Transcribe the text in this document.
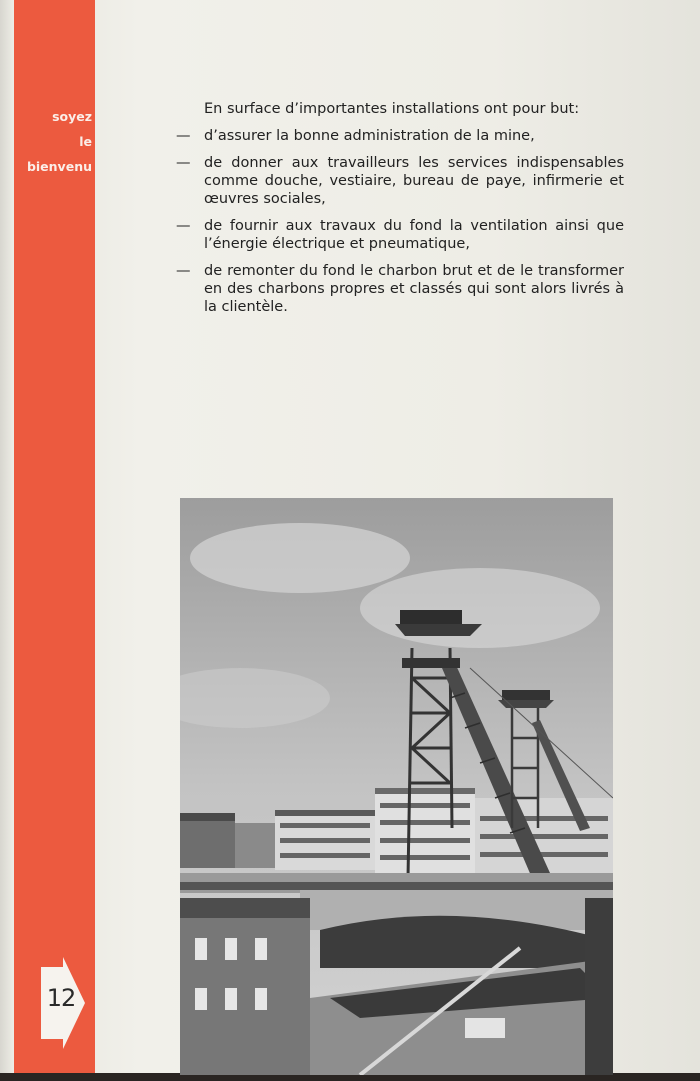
soyez
le
bienvenu
12

En surface d’importantes installations ont pour but:

— d’assurer la bonne administration de la mine,

— de donner aux travailleurs les services indispensables comme douche, vestiaire, bureau de paye, infirmerie et œuvres sociales,

— de fournir aux travaux du fond la ventilation ainsi que l’énergie électrique et pneumatique,

— de remonter du fond le charbon brut et de le transformer en des charbons propres et classés qui sont alors livrés à la clientèle.
